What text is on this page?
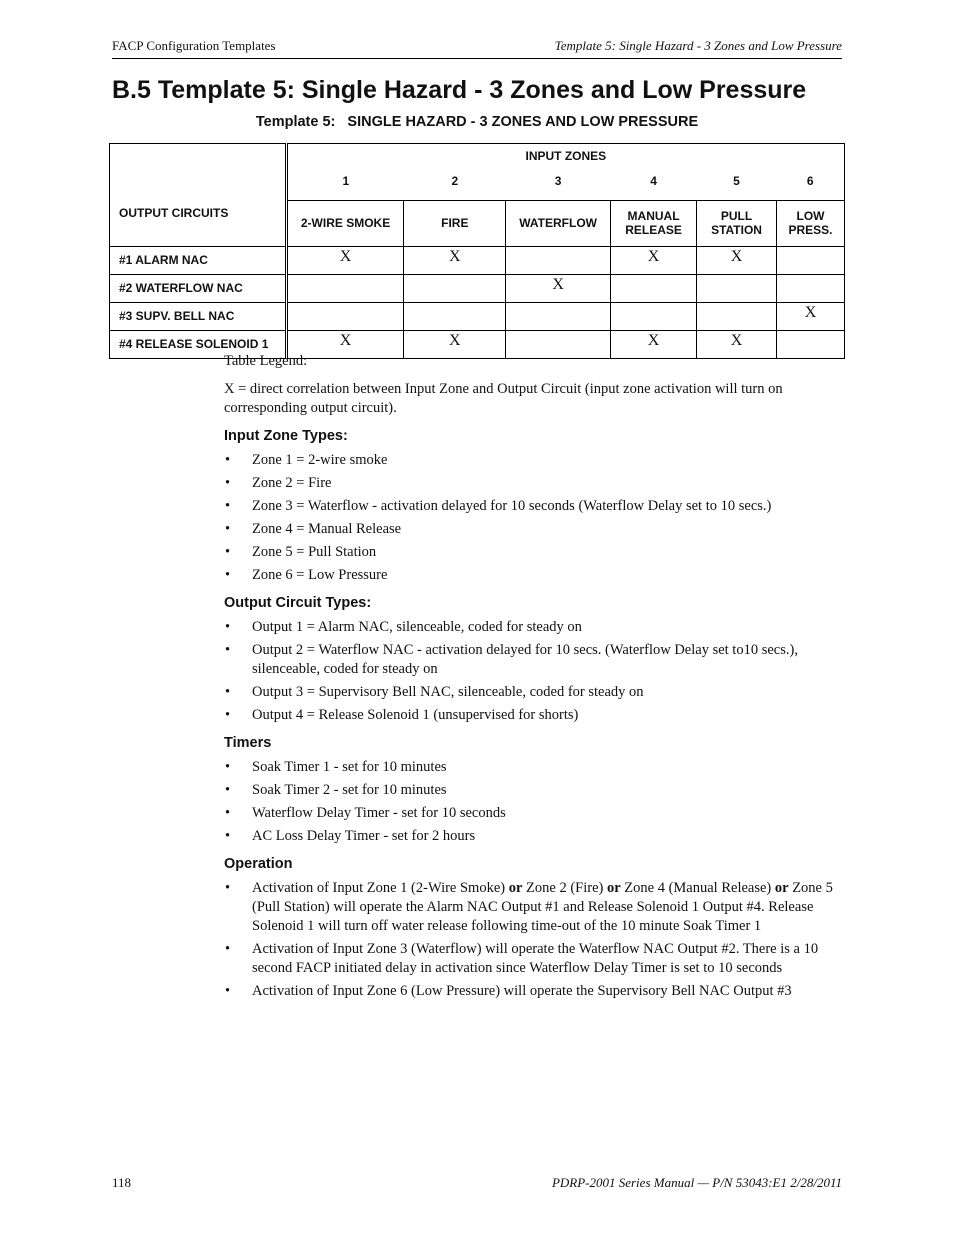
FACP Configuration Templates	Template 5: Single Hazard - 3 Zones and Low Pressure
B.5 Template 5: Single Hazard - 3 Zones and Low Pressure
Template 5:   SINGLE HAZARD - 3 ZONES AND LOW PRESSURE
	INPUT ZONES					
	1	2	3	4	5	6
OUTPUT CIRCUITS	2-WIRE SMOKE	FIRE	WATERFLOW	MANUAL RELEASE	PULL STATION	LOW PRESS.
#1 ALARM NAC	X	X		X	X	
#2 WATERFLOW NAC			X			
#3 SUPV. BELL NAC						X
#4 RELEASE SOLENOID 1	X	X		X	X	

Table Legend:

X = direct correlation between Input Zone and Output Circuit (input zone activation will turn on corresponding output circuit).

Input Zone Types:

• Zone 1 = 2-wire smoke
• Zone 2 = Fire
• Zone 3 = Waterflow - activation delayed for 10 seconds (Waterflow Delay set to 10 secs.)
• Zone 4 = Manual Release
• Zone 5 = Pull Station
• Zone 6 = Low Pressure

Output Circuit Types:

• Output 1 = Alarm NAC, silenceable, coded for steady on
• Output 2 = Waterflow NAC - activation delayed for 10 secs. (Waterflow Delay set to10 secs.), silenceable, coded for steady on
• Output 3 = Supervisory Bell NAC, silenceable, coded for steady on
• Output 4 = Release Solenoid 1 (unsupervised for shorts)

Timers

• Soak Timer 1 - set for 10 minutes
• Soak Timer 2 - set for 10 minutes
• Waterflow Delay Timer - set for 10 seconds
• AC Loss Delay Timer - set for 2 hours

Operation

• Activation of Input Zone 1 (2-Wire Smoke) or Zone 2 (Fire) or Zone 4 (Manual Release) or Zone 5 (Pull Station) will operate the Alarm NAC Output #1 and Release Solenoid 1 Output #4. Release Solenoid 1 will turn off water release following time-out of the 10 minute Soak Timer 1
• Activation of Input Zone 3 (Waterflow) will operate the Waterflow NAC Output #2. There is a 10 second FACP initiated delay in activation since Waterflow Delay Timer is set to 10 seconds
• Activation of Input Zone 6 (Low Pressure) will operate the Supervisory Bell NAC Output #3
118	PDRP-2001 Series Manual — P/N 53043:E1 2/28/2011
